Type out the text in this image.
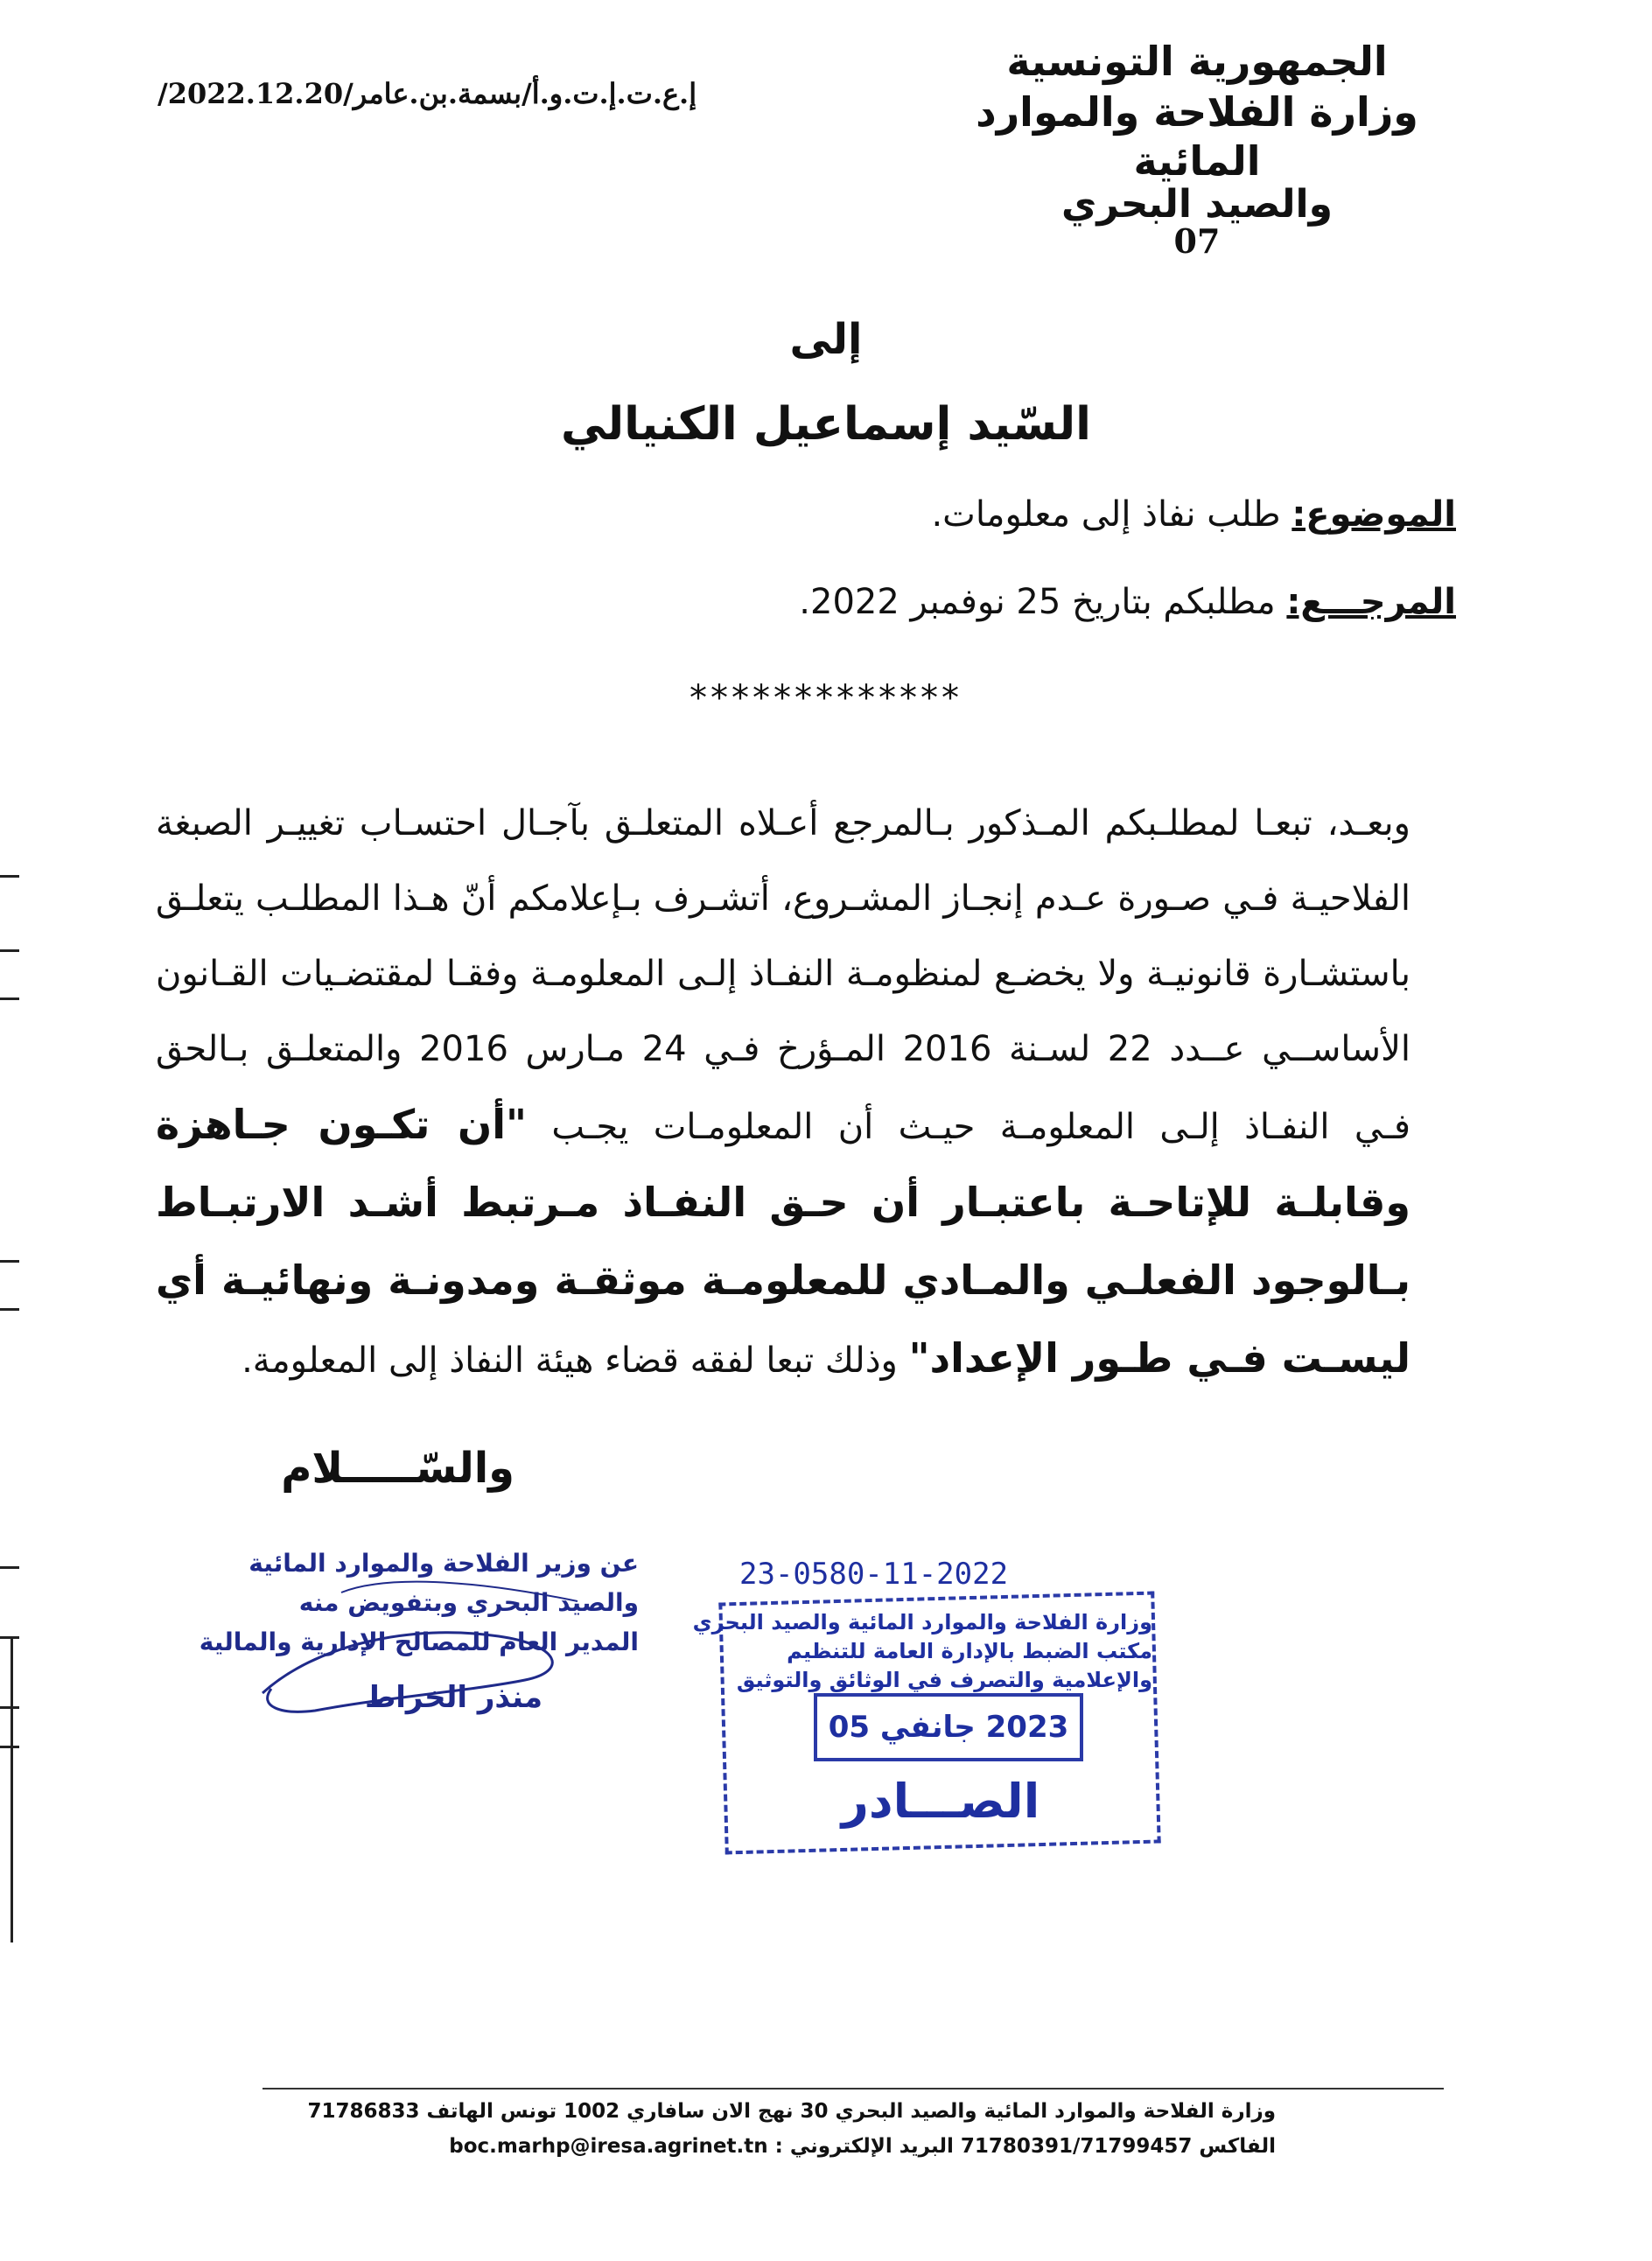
الجمهورية التونسية
وزارة الفلاحة والموارد المائية
والصيد البحري
07
إ.ع.ت.إ.ت.و.أ/بسمة.بن.عامر/2022.12.20/
إلى
السّيد إسماعيل الكنيالي
الموضوع: طلب نفاذ إلى معلومات.
المرجـــع: مطلبكم بتاريخ 25 نوفمبر 2022.
*************
وبعـد، تبعـا لمطلـبكم المـذكور بـالمرجع أعـلاه المتعلـق بآجـال احتسـاب تغييـر الصبغة الفلاحيـة فـي صـورة عـدم إنجـاز المشـروع، أتشـرف بـإعلامكم أنّ هـذا المطلـب يتعلـق باستشـارة قانونيـة ولا يخضـع لمنظومـة النفـاذ إلـى المعلومـة وفقـا لمقتضـيات القـانون الأساســي عــدد 22 لسـنة 2016 المـؤرخ فـي 24 مـارس 2016 والمتعلـق بـالحق فـي النفـاذ إلـى المعلومـة حيـث أن المعلومـات يجـب "أن تكـون جـاهزة وقابلـة للإتاحـة باعتبـار أن حـق النفـاذ مـرتبط أشـد الارتبـاط بـالوجود الفعلـي والمـادي للمعلومـة موثقـة ومدونـة ونهائيـة أي ليسـت فـي طـور الإعداد" وذلك تبعا لفقه قضاء هيئة النفاذ إلى المعلومة.
والسّـــــلام
عن وزير الفلاحة والموارد المائية
والصيد البحري وبتفويض منه
المدير العام للمصالح الإدارية والمالية
منذر الخراط
23-0580-11-2022
وزارة الفلاحة والموارد المائية والصيد البحري
مكتب الضبط بالإدارة العامة للتنظيم
والإعلامية والتصرف في الوثائق والتوثيق
2023 جانفي 05
الصـــادر
وزارة الفلاحة والموارد المائية والصيد البحري 30 نهج الان سافاري 1002 تونس الهاتف 71786833
الفاكس 71780391/71799457 البريد الإلكتروني : boc.marhp@iresa.agrinet.tn
